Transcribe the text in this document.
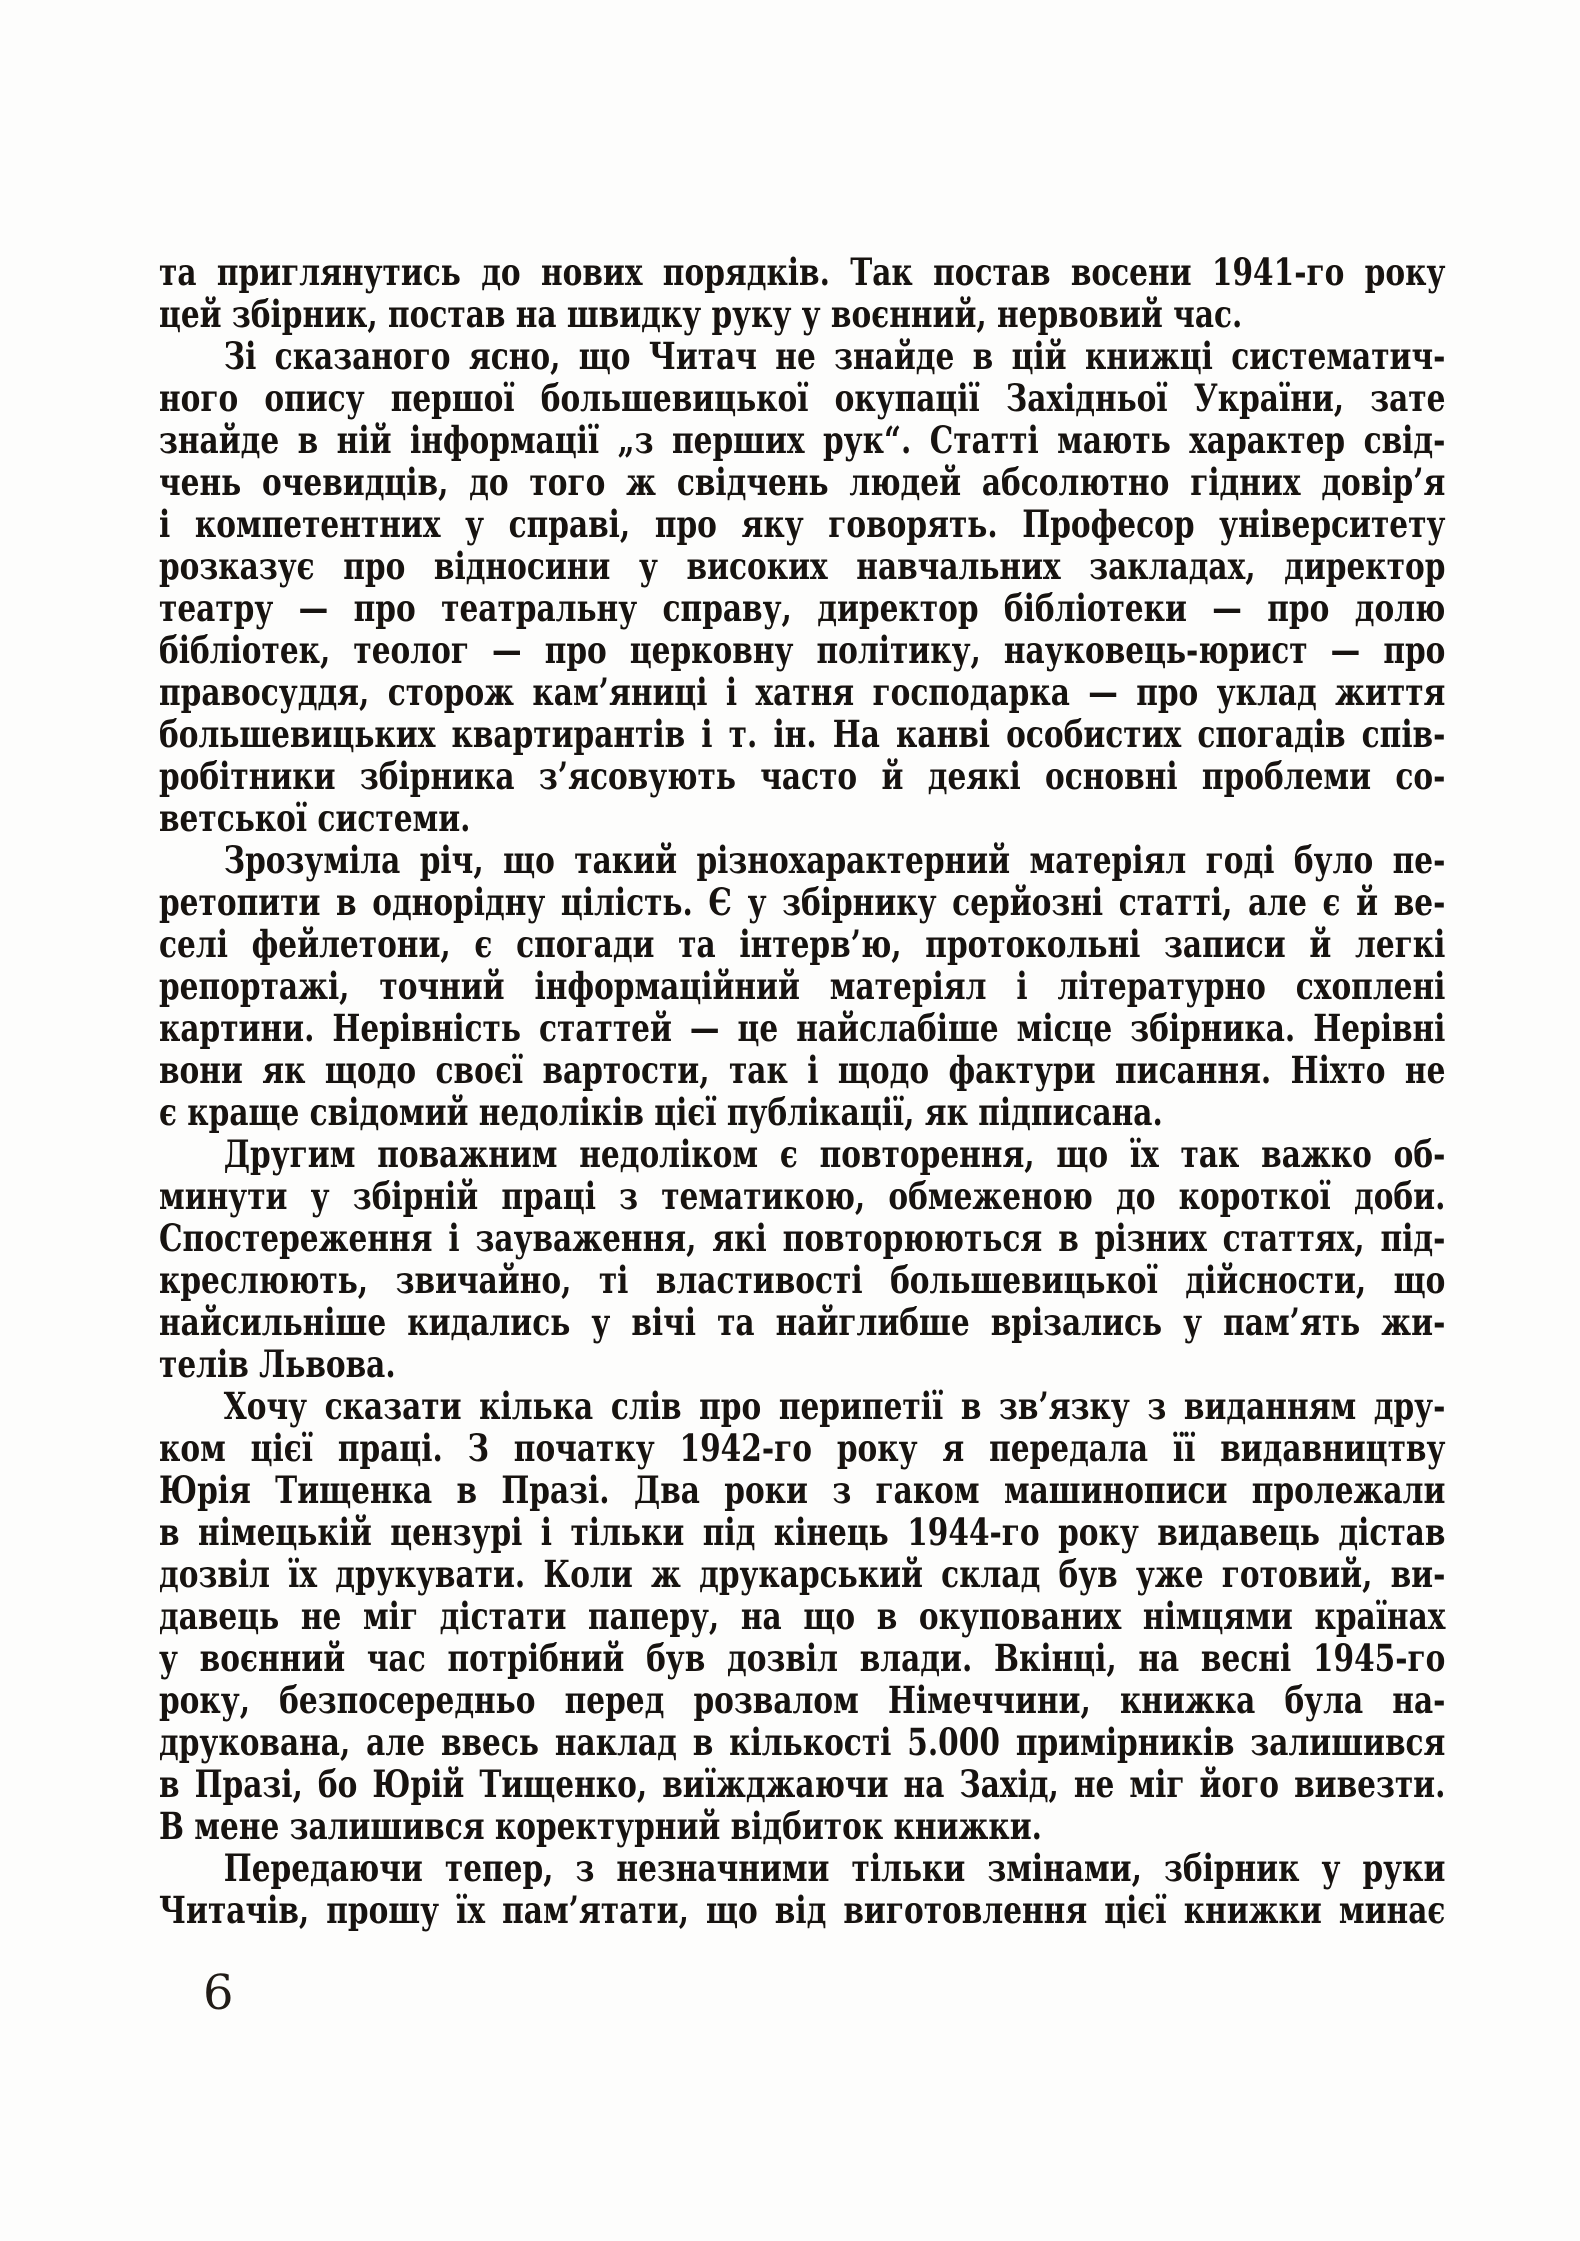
та приглянутись до нових порядків. Так постав восени 1941-го року
цей збірник, постав на швидку руку у воєнний, нервовий час.
Зі сказаного ясно, що Читач не знайде в цій книжці систематич-
ного опису першої большевицької окупації Західньої України, зате
знайде в ній інформації „з перших рук“. Статті мають характер свід-
чень очевидців, до того ж свідчень людей абсолютно гідних довір’я
і компетентних у справі, про яку говорять. Професор університету
розказує про відносини у високих навчальних закладах, директор
театру — про театральну справу, директор бібліотеки — про долю
бібліотек, теолог — про церковну політику, науковець-юрист — про
правосуддя, сторож кам’яниці і хатня господарка — про уклад життя
большевицьких квартирантів і т. ін. На канві особистих спогадів спів-
робітники збірника з’ясовують часто й деякі основні проблеми со-
ветської системи.
Зрозуміла річ, що такий різнохарактерний матеріял годі було пе-
ретопити в однорідну цілість. Є у збірнику серйозні статті, але є й ве-
селі фейлетони, є спогади та інтерв’ю, протокольні записи й легкі
репортажі, точний інформаційний матеріял і літературно схоплені
картини. Нерівність статтей — це найслабіше місце збірника. Нерівні
вони як щодо своєї вартости, так і щодо фактури писання. Ніхто не
є краще свідомий недоліків цієї публікації, як підписана.
Другим поважним недоліком є повторення, що їх так важко об-
минути у збірній праці з тематикою, обмеженою до короткої доби.
Спостереження і зауваження, які повторюються в різних статтях, під-
креслюють, звичайно, ті властивості большевицької дійсности, що
найсильніше кидались у вічі та найглибше врізались у пам’ять жи-
телів Львова.
Хочу сказати кілька слів про перипетії в зв’язку з виданням дру-
ком цієї праці. З початку 1942-го року я передала її видавництву
Юрія Тищенка в Празі. Два роки з гаком машинописи пролежали
в німецькій цензурі і тільки під кінець 1944-го року видавець дістав
дозвіл їх друкувати. Коли ж друкарський склад був уже готовий, ви-
давець не міг дістати паперу, на що в окупованих німцями країнах
у воєнний час потрібний був дозвіл влади. Вкінці, на весні 1945-го
року, безпосередньо перед розвалом Німеччини, книжка була на-
друкована, але ввесь наклад в кількості 5.000 примірників залишився
в Празі, бо Юрій Тищенко, виїжджаючи на Захід, не міг його вивезти.
В мене залишився коректурний відбиток книжки.
Передаючи тепер, з незначними тільки змінами, збірник у руки
Читачів, прошу їх пам’ятати, що від виготовлення цієї книжки минає
6
